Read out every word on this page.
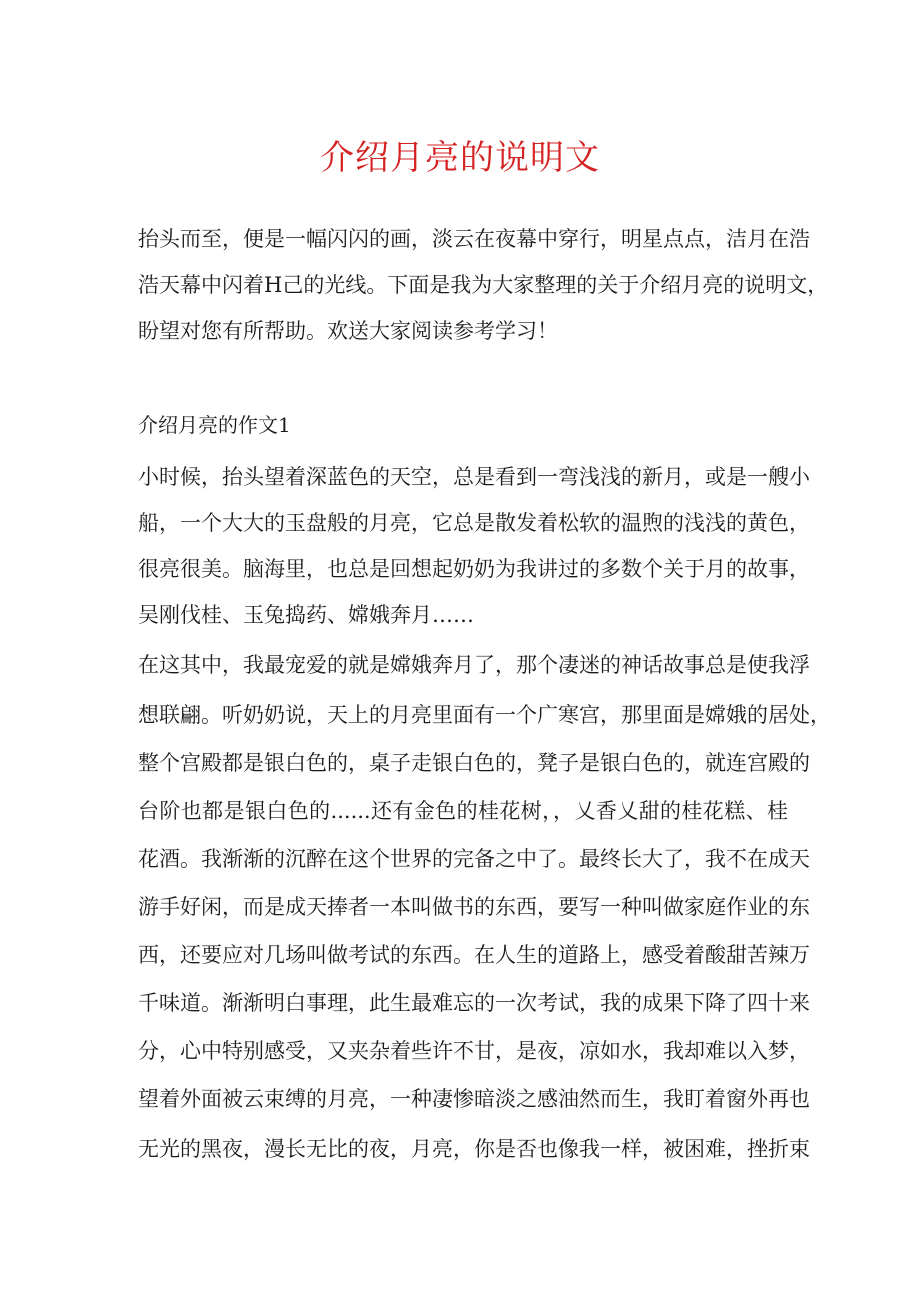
介绍月亮的说明文

抬头而至，便是一幅闪闪的画，淡云在夜幕中穿行，明星点点，洁月在浩

浩天幕中闪着H己的光线。下面是我为大家整理的关于介绍月亮的说明文，

盼望对您有所帮助。欢送大家阅读参考学习！

介绍月亮的作文1

小时候，抬头望着深蓝色的天空，总是看到一弯浅浅的新月，或是一艘小

船，一个大大的玉盘般的月亮，它总是散发着松软的温煦的浅浅的黄色，

很亮很美。脑海里，也总是回想起奶奶为我讲过的多数个关于月的故事，

吴刚伐桂、玉兔捣药、嫦娥奔月……

在这其中，我最宠爱的就是嫦娥奔月了，那个凄迷的神话故事总是使我浮

想联翩。听奶奶说，天上的月亮里面有一个广寒宫，那里面是嫦娥的居处，

整个宫殿都是银白色的，桌子走银白色的，凳子是银白色的，就连宫殿的

台阶也都是银白色的......还有金色的桂花树，，乂香乂甜的桂花糕、桂

花酒。我渐渐的沉醉在这个世界的完备之中了。最终长大了，我不在成天

游手好闲，而是成天捧者一本叫做书的东西，要写一种叫做家庭作业的东

西，还要应对几场叫做考试的东西。在人生的道路上，感受着酸甜苦辣万

千味道。渐渐明白事理，此生最难忘的一次考试，我的成果下降了四十来

分，心中特别感受，又夹杂着些许不甘，是夜，凉如水，我却难以入梦，

望着外面被云束缚的月亮，一种凄惨暗淡之感油然而生，我盯着窗外再也

无光的黑夜，漫长无比的夜，月亮，你是否也像我一样，被困难，挫折束
